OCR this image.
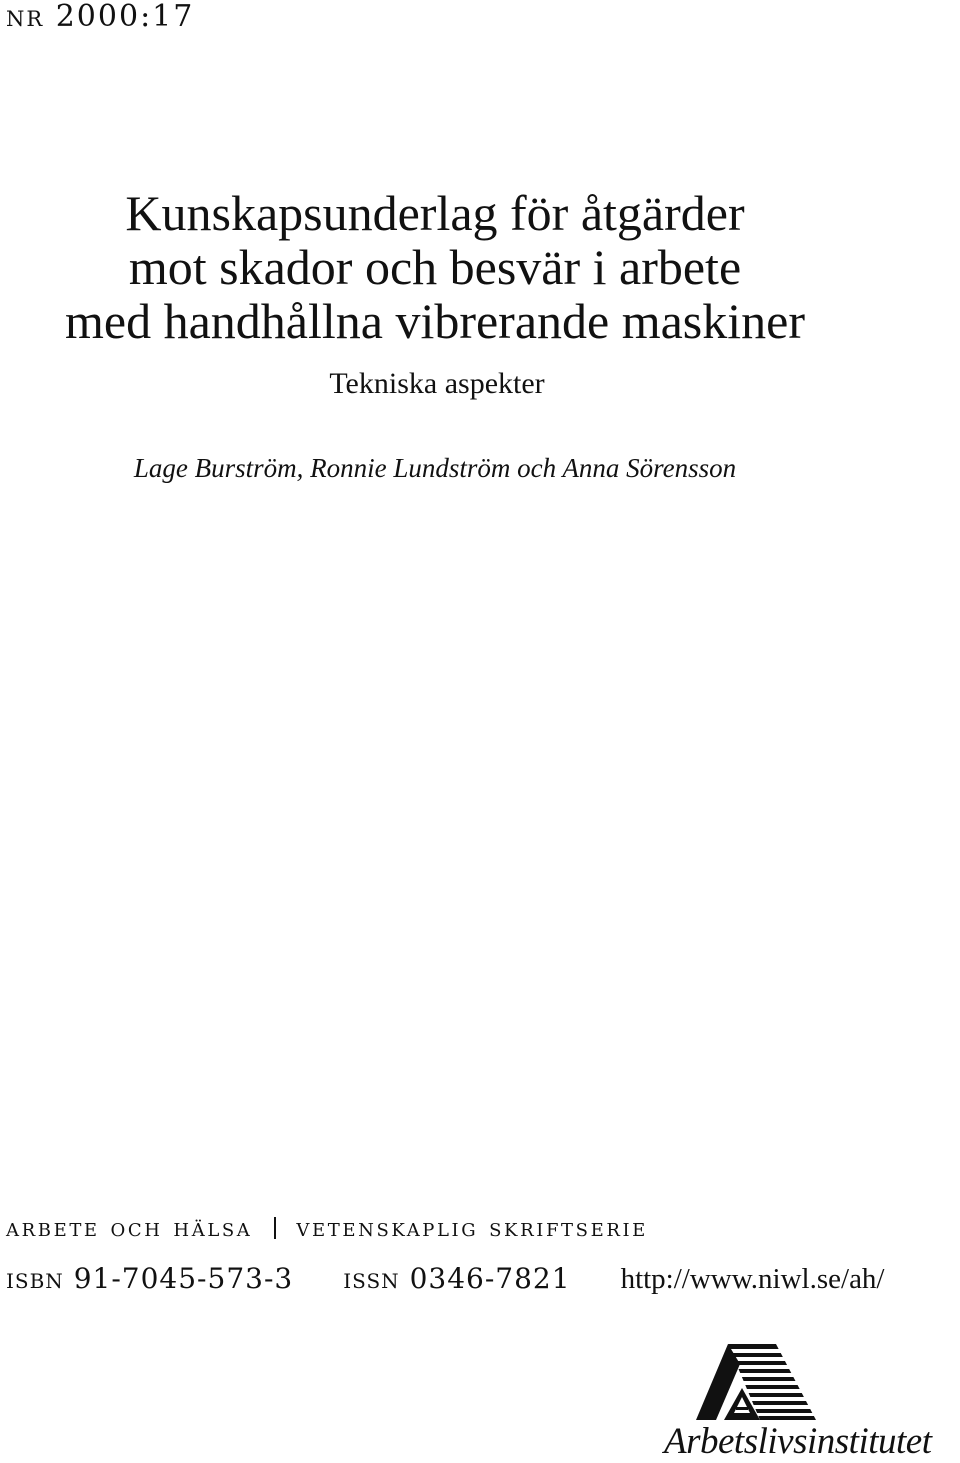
nr 2000:17
Kunskapsunderlag för åtgärder
mot skador och besvär i arbete
med handhållna vibrerande maskiner
Tekniska aspekter
Lage Burström, Ronnie Lundström och Anna Sörensson
arbete och hälsa vetenskaplig skriftserie
isbn 91-7045-573-3 issn 0346-7821 http://www.niwl.se/ah/
Arbetslivsinstitutet
